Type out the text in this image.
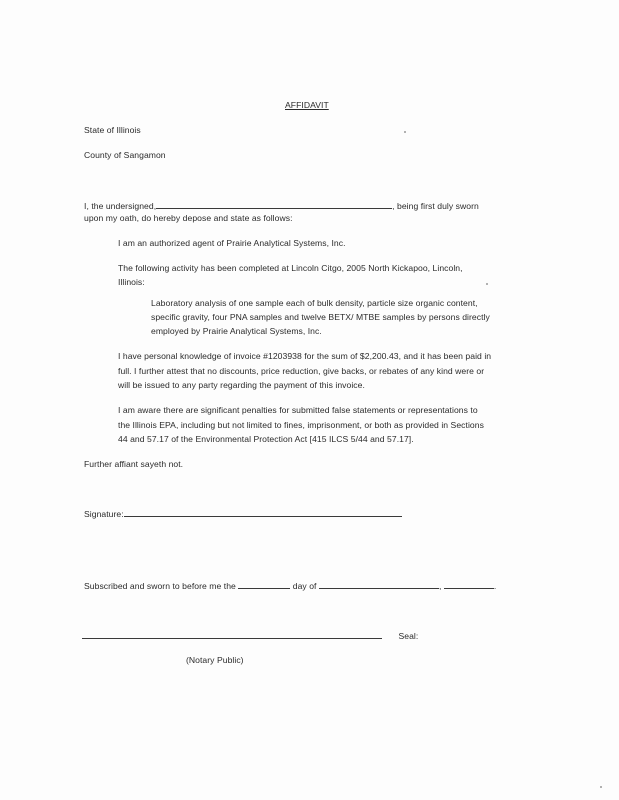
AFFIDAVIT
State of Illinois
County of Sangamon
I, the undersigned,	, being first duly sworn
upon my oath, do hereby depose and state as follows:
I am an authorized agent of Prairie Analytical Systems, Inc.
The following activity has been completed at Lincoln Citgo, 2005 North Kickapoo, Lincoln,
Illinois:
Laboratory analysis of one sample each of bulk density, particle size organic content,
specific gravity, four PNA samples and twelve BETX/ MTBE samples by persons directly
employed by Prairie Analytical Systems, Inc.
I have personal knowledge of invoice #1203938 for the sum of $2,200.43, and it has been paid in
full. I further attest that no discounts, price reduction, give backs, or rebates of any kind were or
will be issued to any party regarding the payment of this invoice.
I am aware there are significant penalties for submitted false statements or representations to
the Illinois EPA, including but not limited to fines, imprisonment, or both as provided in Sections
44 and 57.17 of the Environmental Protection Act [415 ILCS 5/44 and 57.17].
Further affiant sayeth not.
Signature:
Subscribed and sworn to before me the	day of	,	.
Seal:
(Notary Public)
